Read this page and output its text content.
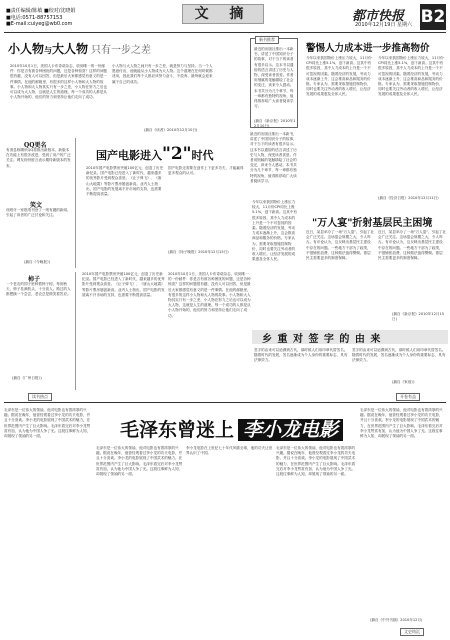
■责任编辑/陈敏 ■校对/沈晓娟
■电话:0571-88757153
■E-mail:cuiyeg@wb0.com
文 摘	都市快报
2010年12月19日 星期六 B2
小人物与大人物 只有一步之差
2010年10月1日，美国人卡布奇诺杂志，收到唯一的一份邮件：你是否有被各种困扰的问题，还是各种惊喜？这样的问题很有趣，没有人可以回答，但是最后大家都感觉有意义的是一件事情。在他的邮箱里，有很多的这样小人物和大人物的故事。小人物和大人物其实只有一步之差，小人物在努力之后也可以成为大人物，这就是人生的道理。每一个成功的人都是从小人物开始的，他们的努力和坚持让他们走向了成功。
小人物与大人物之间只有一步之差，就是努力与坚持。当一个人愿意付出，他就能从小人物成为大人物。这个道理在任何时候都适用，因此我们每个人都应该努力奋斗，不放弃，最终就会迎来属于自己的成功。
(摘自《读者》2010年12月10日)
新书推荐
最近的出版社推出一本新书，讲述了中国知识分子的故事，对于当下的读者有很多启示。这本书以通俗的语言讲述了历史与人物，深受读者喜爱。作者用细腻的笔触描绘了社会的变迁，读来令人感动。本书共分为几个章节，每一章都有独特的视角，值得推荐给广大读者阅读学习。
(摘自《新京报》2010年12月10日)
警惕人力成本进一步推高物价
今年以来我国物价上涨压力较大，11月份CPI同比上涨5.1%，创下新高。这其中有很多原因，其中人力成本的上升是一个不可忽视的因素。随着经济的发展，劳动力成本逐渐上升，这会推高商品和服务的价格。专家认为，需要采取措施控制物价，同时也要关注劳动者的收入增长，让经济发展的成果惠及全体人民。
今年以来我国物价上涨压力较大，11月份CPI同比上涨5.1%，创下新高。这其中有很多原因，其中人力成本的上升是一个不可忽视的因素。随着经济的发展，劳动力成本逐渐上升，这会推高商品和服务的价格。专家认为，需要采取措施控制物价，同时也要关注劳动者的收入增长，让经济发展的成果惠及全体人民。
(摘自《经济日报》2010年12月11日)
最近的出版社推出一本新书，讲述了中国知识分子的故事，对于当下的读者有很多启示。这本书以通俗的语言讲述了历史与人物，深受读者喜爱。作者用细腻的笔触描绘了社会的变迁，读来令人感动。本书共分为几个章节，每一章都有独特的视角，值得推荐给广大读者阅读学习。
QQ更名
有消息称腾讯QQ将推出新版本，新版本在功能上有很多改进，受到了用户的广泛关注。网友纷纷留言表示期待新版本的发布。
笑文
西班牙一家报纸刊登了一则有趣的新闻，引起了读者的广泛讨论和关注。
(摘自《今晚报》)
国产电影进入"2"时代
2010年国产电影票房突破100亿元，创造了历史新纪录。国产电影已经进入了新时代，越来越多的优秀影片受到观众喜爱。《让子弹飞》、《唐山大地震》等影片票房屡创新高。业内人士指出，国产电影的发展离不开市场的支持，也需要不断提高质量。
国产电影还需要在创作上下更多功夫，才能赢得更多观众的认可。
(摘自《扬子晚报》2010年12月15日)
今年以来我国物价上涨压力较大，11月份CPI同比上涨5.1%，创下新高。这其中有很多原因，其中人力成本的上升是一个不可忽视的因素。随着经济的发展，劳动力成本逐渐上升，这会推高商品和服务的价格。专家认为，需要采取措施控制物价，同时也要关注劳动者的收入增长，让经济发展的成果惠及全体人民。
"万人宴"折射基层民主困境
近日，某县举办了一场"万人宴"，引起了社会广泛关注。这场宴会规模之大，令人咋舌。有评论认为，这反映出基层民主建设中存在的问题。一些地方干部为了政绩，不惜铺张浪费，这种做法值得警惕。基层民主需要更多的制度保障。
近日，某县举办了一场"万人宴"，引起了社会广泛关注。这场宴会规模之大，令人咋舌。有评论认为，这反映出基层民主建设中存在的问题。一些地方干部为了政绩，不惜铺张浪费，这种做法值得警惕。基层民主需要更多的制度保障。
(摘自《新京报》2010年12月15日)
柿子
一个老农的园子里种着柿子树，每到秋天，柿子挂满枝头，十分喜人。路过的人都想摘一个尝尝，老农总是微笑着答应。
(摘自《广州日报》)
2010年国产电影票房突破100亿元，创造了历史新纪录。国产电影已经进入了新时代，越来越多的优秀影片受到观众喜爱。《让子弹飞》、《唐山大地震》等影片票房屡创新高。业内人士指出，国产电影的发展离不开市场的支持，也需要不断提高质量。
2010年10月1日，美国人卡布奇诺杂志，收到唯一的一份邮件：你是否有被各种困扰的问题，还是各种惊喜？这样的问题很有趣，没有人可以回答，但是最后大家都感觉有意义的是一件事情。在他的邮箱里，有很多的这样小人物和大人物的故事。小人物和大人物其实只有一步之差，小人物在努力之后也可以成为大人物，这就是人生的道理。每一个成功的人都是从小人物开始的，他们的努力和坚持让他们走向了成功。
乡 重 对 签 字 的 由 来
签字的由来可以追溯到古代，那时候人们用印章代替签名。随着时代的发展，签名逐渐成为个人身份的重要标志，具有法律效力。
签字的由来可以追溯到古代，那时候人们用印章代替签名。随着时代的发展，签名逐渐成为个人身份的重要标志，具有法律效力。
(摘自《家庭》)
读书热点	开卷有益
毛泽东是一位伟大的领袖，他对电影也有着浓厚的兴趣。据说在晚年，他曾经观看过李小龙的功夫电影，并且十分喜欢。李小龙的电影展现了中国武术的魅力，在世界范围内产生了巨大影响。毛泽东看完后对李小龙赞赏有加，认为他为中国人争了光。这段往事鲜为人知，却展现了领袖的另一面。	毛泽东曾迷上 李小龙电影
毛泽东是一位伟大的领袖，他对电影也有着浓厚的兴趣。据说在晚年，他曾经观看过李小龙的功夫电影，并且十分喜欢。李小龙的电影展现了中国武术的魅力，在世界范围内产生了巨大影响。毛泽东看完后对李小龙赞赏有加，认为他为中国人争了光。这段往事鲜为人知，却展现了领袖的另一面。
李小龙电影在上世纪七十年代风靡全球，他的功夫让世界认识了中国。
毛泽东是一位伟大的领袖，他对电影也有着浓厚的兴趣。据说在晚年，他曾经观看过李小龙的功夫电影，并且十分喜欢。李小龙的电影展现了中国武术的魅力，在世界范围内产生了巨大影响。毛泽东看完后对李小龙赞赏有加，认为他为中国人争了光。这段往事鲜为人知，却展现了领袖的另一面。
毛泽东是一位伟大的领袖，他对电影也有着浓厚的兴趣。据说在晚年，他曾经观看过李小龙的功夫电影，并且十分喜欢。李小龙的电影展现了中国武术的魅力，在世界范围内产生了巨大影响。毛泽东看完后对李小龙赞赏有加，认为他为中国人争了光。这段往事鲜为人知，却展现了领袖的另一面。
(摘自《中外书摘》2010年12月)
文史钩沉
